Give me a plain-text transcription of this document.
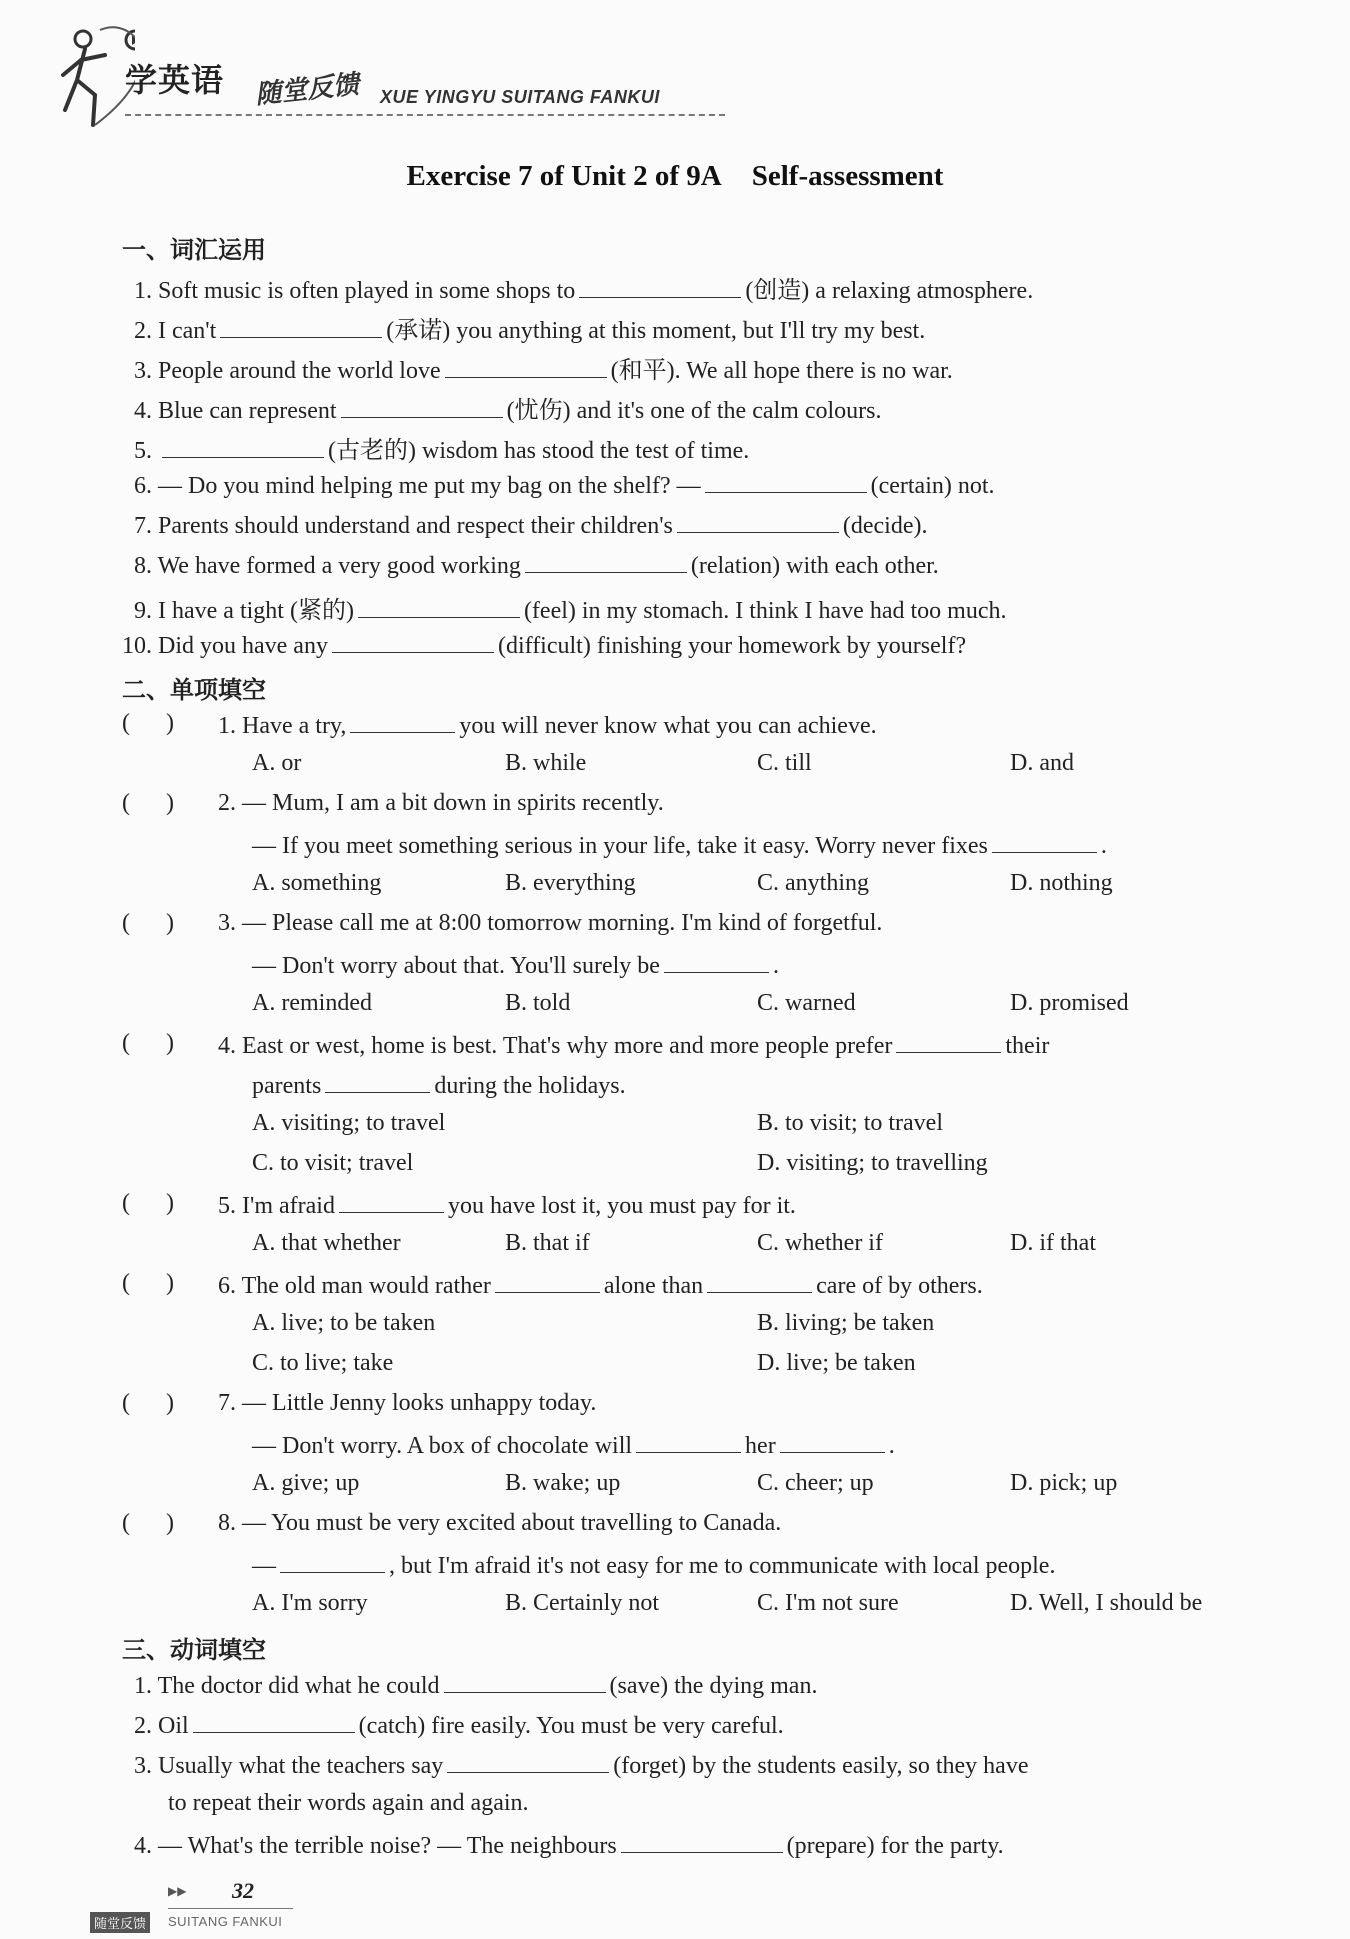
学英语 随堂反馈 XUE YINGYU SUITANG FANKUI
Exercise 7 of Unit 2 of 9A Self-assessment
一、词汇运用
1. Soft music is often played in some shops to	(创造) a relaxing atmosphere.
2. I can't	(承诺) you anything at this moment, but I'll try my best.
3. People around the world love	(和平). We all hope there is no war.
4. Blue can represent	(忧伤) and it's one of the calm colours.
5.	(古老的) wisdom has stood the test of time.
6. — Do you mind helping me put my bag on the shelf? —	(certain) not.
7. Parents should understand and respect their children's	(decide).
8. We have formed a very good working	(relation) with each other.
9. I have a tight (紧的)	(feel) in my stomach. I think I have had too much.
10. Did you have any	(difficult) finishing your homework by yourself?
二、单项填空
(      ) 1. Have a try,	you will never know what you can achieve.
A. or	B. while	C. till	D. and
(      ) 2. — Mum, I am a bit down in spirits recently.
— If you meet something serious in your life, take it easy. Worry never fixes	.
A. something	B. everything	C. anything	D. nothing
(      ) 3. — Please call me at 8:00 tomorrow morning. I'm kind of forgetful.
— Don't worry about that. You'll surely be	.
A. reminded	B. told	C. warned	D. promised
(      ) 4. East or west, home is best. That's why more and more people prefer	their
parents	during the holidays.
A. visiting; to travel	B. to visit; to travel
C. to visit; travel	D. visiting; to travelling
(      ) 5. I'm afraid	you have lost it, you must pay for it.
A. that whether	B. that if	C. whether if	D. if that
(      ) 6. The old man would rather	alone than	care of by others.
A. live; to be taken	B. living; be taken
C. to live; take	D. live; be taken
(      ) 7. — Little Jenny looks unhappy today.
— Don't worry. A box of chocolate will	her	.
A. give; up	B. wake; up	C. cheer; up	D. pick; up
(      ) 8. — You must be very excited about travelling to Canada.
—	, but I'm afraid it's not easy for me to communicate with local people.
A. I'm sorry	B. Certainly not	C. I'm not sure	D. Well, I should be
三、动词填空
1. The doctor did what he could	(save) the dying man.
2. Oil	(catch) fire easily. You must be very careful.
3. Usually what the teachers say	(forget) by the students easily, so they have
to repeat their words again and again.
4. — What's the terrible noise? — The neighbours	(prepare) for the party.
▶▶ 32
随堂反馈	SUITANG FANKUI
